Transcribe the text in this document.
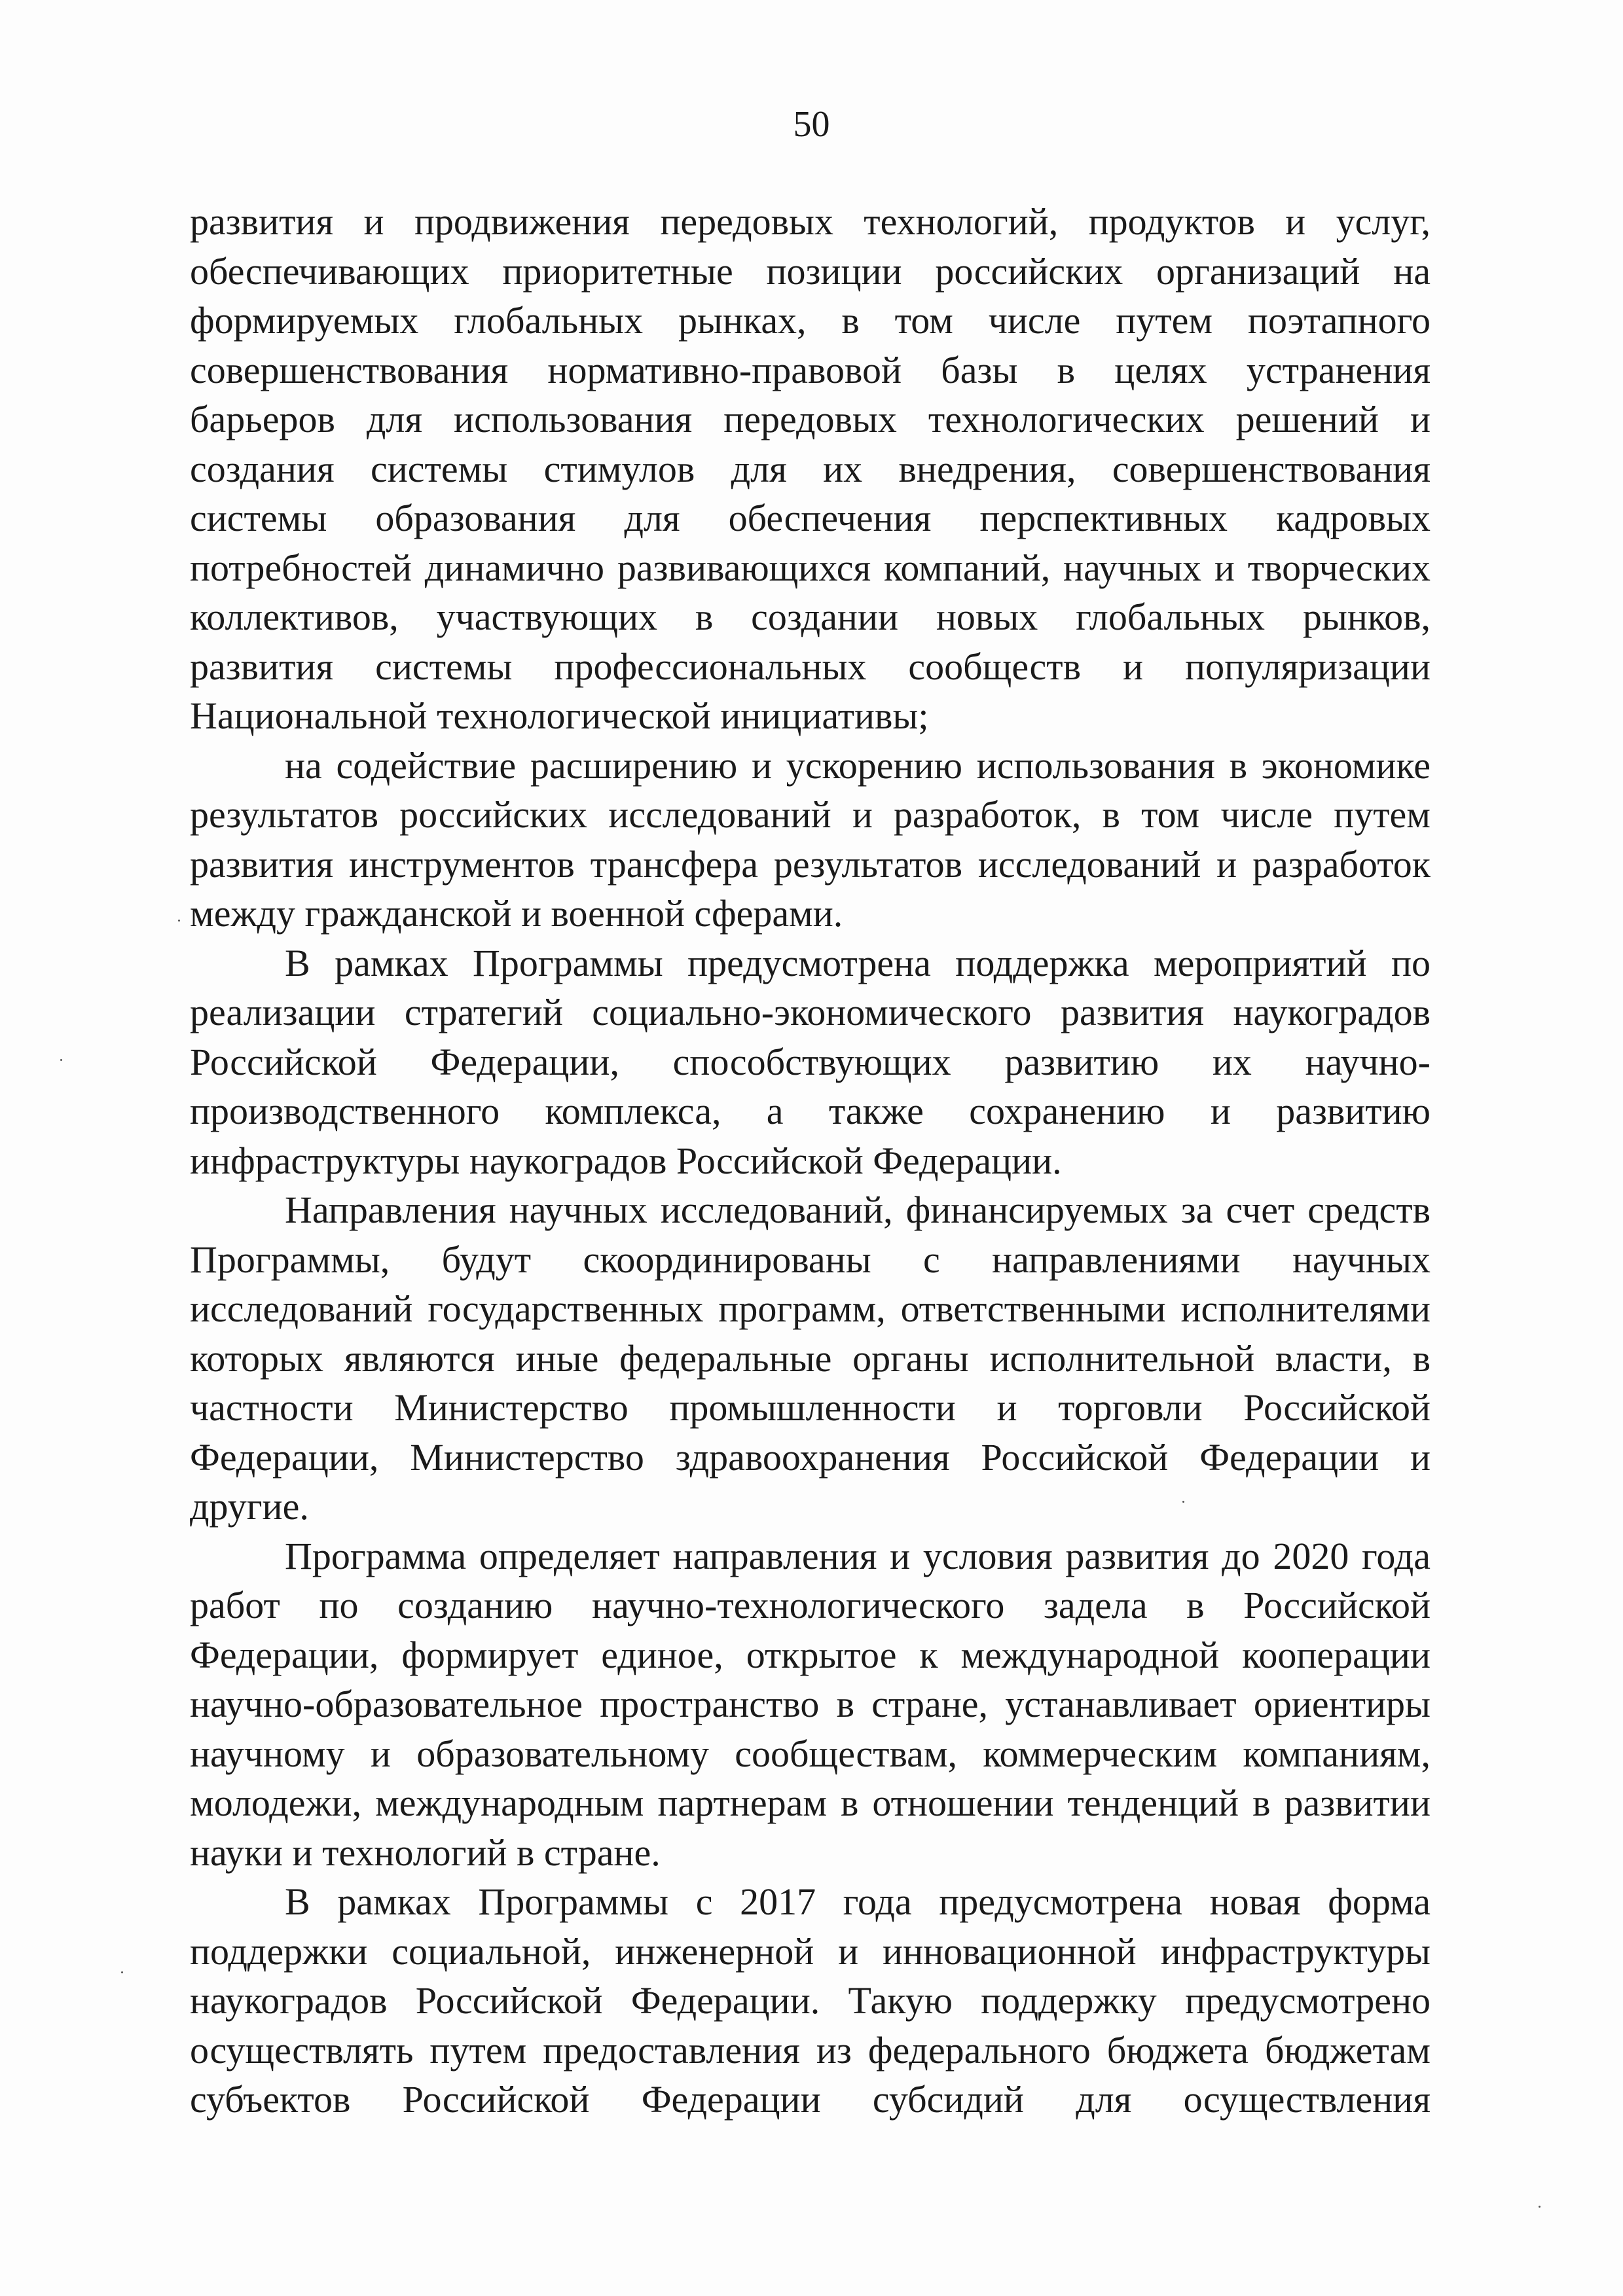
50
развития и продвижения передовых технологий, продуктов и услуг,
обеспечивающих приоритетные позиции российских организаций на
формируемых глобальных рынках, в том числе путем поэтапного
совершенствования нормативно-правовой базы в целях устранения
барьеров для использования передовых технологических решений и
создания системы стимулов для их внедрения, совершенствования
системы образования для обеспечения перспективных кадровых
потребностей динамично развивающихся компаний, научных и творческих
коллективов, участвующих в создании новых глобальных рынков,
развития системы профессиональных сообществ и популяризации
Национальной технологической инициативы;
на содействие расширению и ускорению использования в экономике
результатов российских исследований и разработок, в том числе путем
развития инструментов трансфера результатов исследований и разработок
между гражданской и военной сферами.
В рамках Программы предусмотрена поддержка мероприятий по
реализации стратегий социально-экономического развития наукоградов
Российской Федерации, способствующих развитию их научно-
производственного комплекса, а также сохранению и развитию
инфраструктуры наукоградов Российской Федерации.
Направления научных исследований, финансируемых за счет средств
Программы, будут скоординированы с направлениями научных
исследований государственных программ, ответственными исполнителями
которых являются иные федеральные органы исполнительной власти, в
частности Министерство промышленности и торговли Российской
Федерации, Министерство здравоохранения Российской Федерации и
другие.
Программа определяет направления и условия развития до 2020 года
работ по созданию научно-технологического задела в Российской
Федерации, формирует единое, открытое к международной кооперации
научно-образовательное пространство в стране, устанавливает ориентиры
научному и образовательному сообществам, коммерческим компаниям,
молодежи, международным партнерам в отношении тенденций в развитии
науки и технологий в стране.
В рамках Программы с 2017 года предусмотрена новая форма
поддержки социальной, инженерной и инновационной инфраструктуры
наукоградов Российской Федерации. Такую поддержку предусмотрено
осуществлять путем предоставления из федерального бюджета бюджетам
субъектов Российской Федерации субсидий для осуществления
